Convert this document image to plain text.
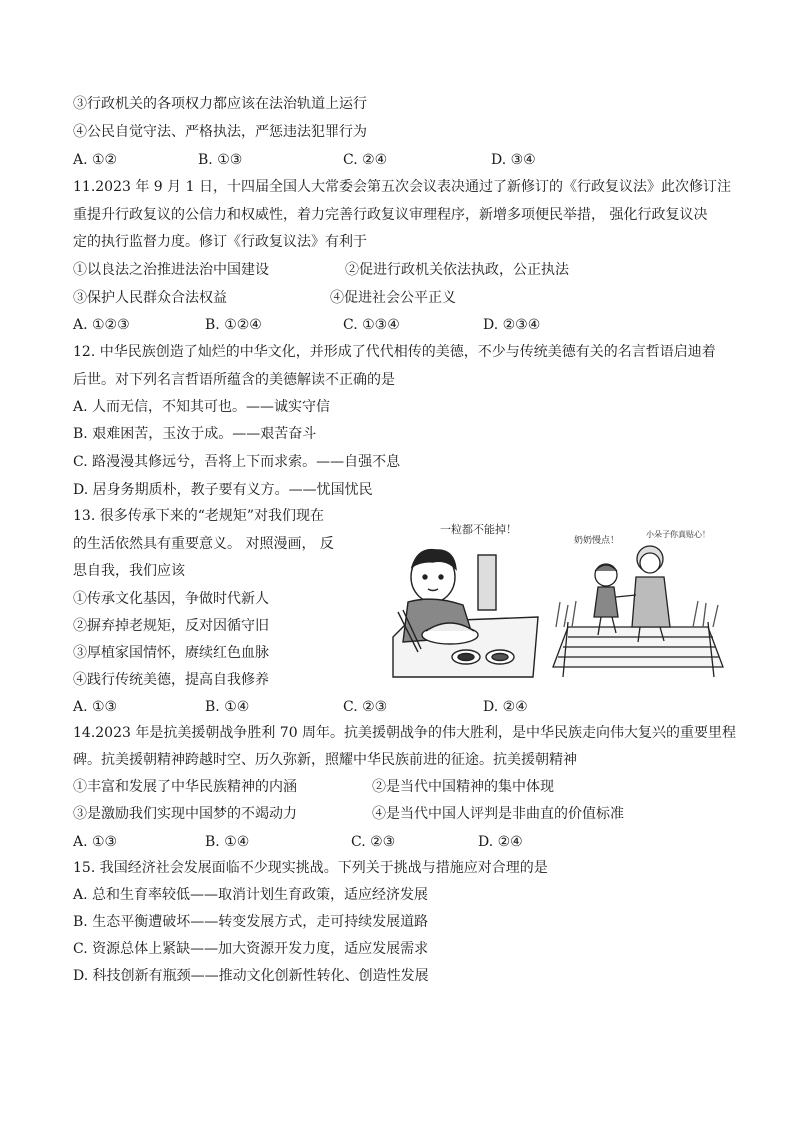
③行政机关的各项权力都应该在法治轨道上运行
④公民自觉守法、严格执法，严惩违法犯罪行为
A. ①②	B. ①③	C. ②④	D. ③④
11.2023 年 9 月 1 日，十四届全国人大常委会第五次会议表决通过了新修订的《行政复议法》此次修订注
重提升行政复议的公信力和权威性，着力完善行政复议审理程序，新增多项便民举措， 强化行政复议决
定的执行监督力度。修订《行政复议法》有利于
①以良法之治推进法治中国建设	②促进行政机关依法执政，公正执法
③保护人民群众合法权益	④促进社会公平正义
A. ①②③	B. ①②④	C. ①③④	D. ②③④
12. 中华民族创造了灿烂的中华文化，并形成了代代相传的美德，不少与传统美德有关的名言哲语启迪着
后世。对下列名言哲语所蕴含的美德解读不正确的是
A. 人而无信，不知其可也。——诚实守信
B. 艰难困苦，玉汝于成。——艰苦奋斗
C. 路漫漫其修远兮，吾将上下而求索。——自强不息
D. 居身务期质朴，教子要有义方。——忧国忧民
13. 很多传承下来的“老规矩”对我们现在
的生活依然具有重要意义。 对照漫画， 反
思自我，我们应该
①传承文化基因，争做时代新人
②摒弃掉老规矩，反对因循守旧
③厚植家国情怀，赓续红色血脉
④践行传统美德，提高自我修养
A. ①③	B. ①④	C. ②③	D. ②④
一粒都不能掉！
奶奶慢点！
小朵子你真贴心！
14.2023 年是抗美援朝战争胜利 70 周年。抗美援朝战争的伟大胜利，是中华民族走向伟大复兴的重要里程
碑。抗美援朝精神跨越时空、历久弥新，照耀中华民族前进的征途。抗美援朝精神
①丰富和发展了中华民族精神的内涵	②是当代中国精神的集中体现
③是激励我们实现中国梦的不竭动力	④是当代中国人评判是非曲直的价值标准
A. ①③	B. ①④	C. ②③	D. ②④
15. 我国经济社会发展面临不少现实挑战。下列关于挑战与措施应对合理的是
A. 总和生育率较低——取消计划生育政策，适应经济发展
B. 生态平衡遭破坏——转变发展方式，走可持续发展道路
C. 资源总体上紧缺——加大资源开发力度，适应发展需求
D. 科技创新有瓶颈——推动文化创新性转化、创造性发展
